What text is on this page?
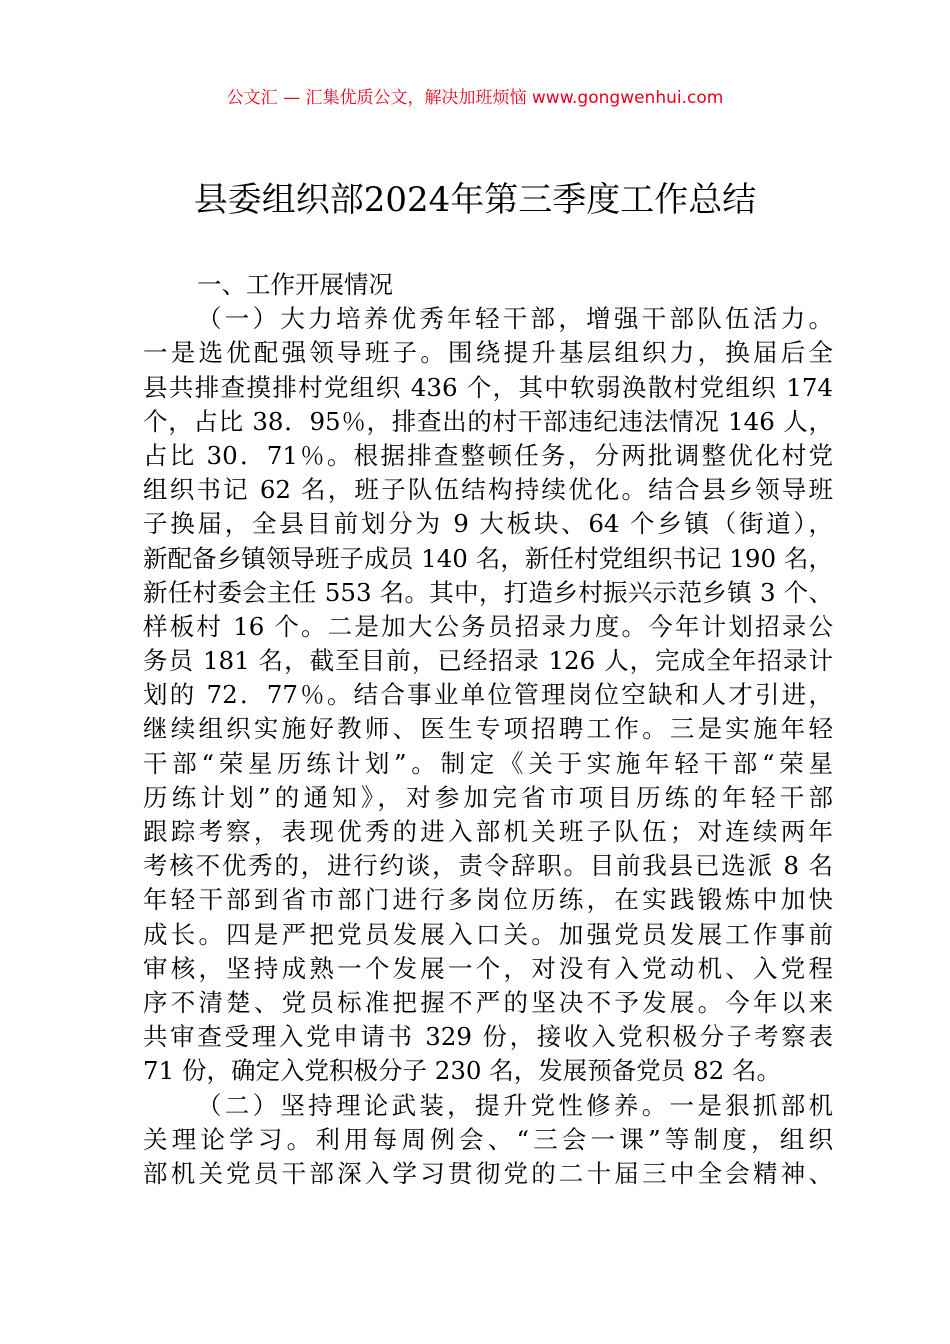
公文汇 — 汇集优质公文，解决加班烦恼 www.gongwenhui.com
县委组织部2024年第三季度工作总结
一、工作开展情况
（一）大力培养优秀年轻干部，增强干部队伍活力。
一是选优配强领导班子。围绕提升基层组织力，换届后全
县共排查摸排村党组织 436 个，其中软弱涣散村党组织 174
个，占比 38．95％，排查出的村干部违纪违法情况 146 人，
占比 30．71％。根据排查整顿任务，分两批调整优化村党
组织书记 62 名，班子队伍结构持续优化。结合县乡领导班
子换届，全县目前划分为 9 大板块、64 个乡镇（街道），
新配备乡镇领导班子成员 140 名，新任村党组织书记 190 名，
新任村委会主任 553 名。其中，打造乡村振兴示范乡镇 3 个、
样板村 16 个。二是加大公务员招录力度。今年计划招录公
务员 181 名，截至目前，已经招录 126 人，完成全年招录计
划的 72．77％。结合事业单位管理岗位空缺和人才引进，
继续组织实施好教师、医生专项招聘工作。三是实施年轻
干部“荣星历练计划”。制定《关于实施年轻干部“荣星
历练计划”的通知》，对参加完省市项目历练的年轻干部
跟踪考察，表现优秀的进入部机关班子队伍；对连续两年
考核不优秀的，进行约谈，责令辞职。目前我县已选派 8 名
年轻干部到省市部门进行多岗位历练，在实践锻炼中加快
成长。四是严把党员发展入口关。加强党员发展工作事前
审核，坚持成熟一个发展一个，对没有入党动机、入党程
序不清楚、党员标准把握不严的坚决不予发展。今年以来
共审查受理入党申请书 329 份，接收入党积极分子考察表
71 份，确定入党积极分子 230 名，发展预备党员 82 名。
（二）坚持理论武装，提升党性修养。一是狠抓部机
关理论学习。利用每周例会、“三会一课”等制度，组织
部机关党员干部深入学习贯彻党的二十届三中全会精神、
